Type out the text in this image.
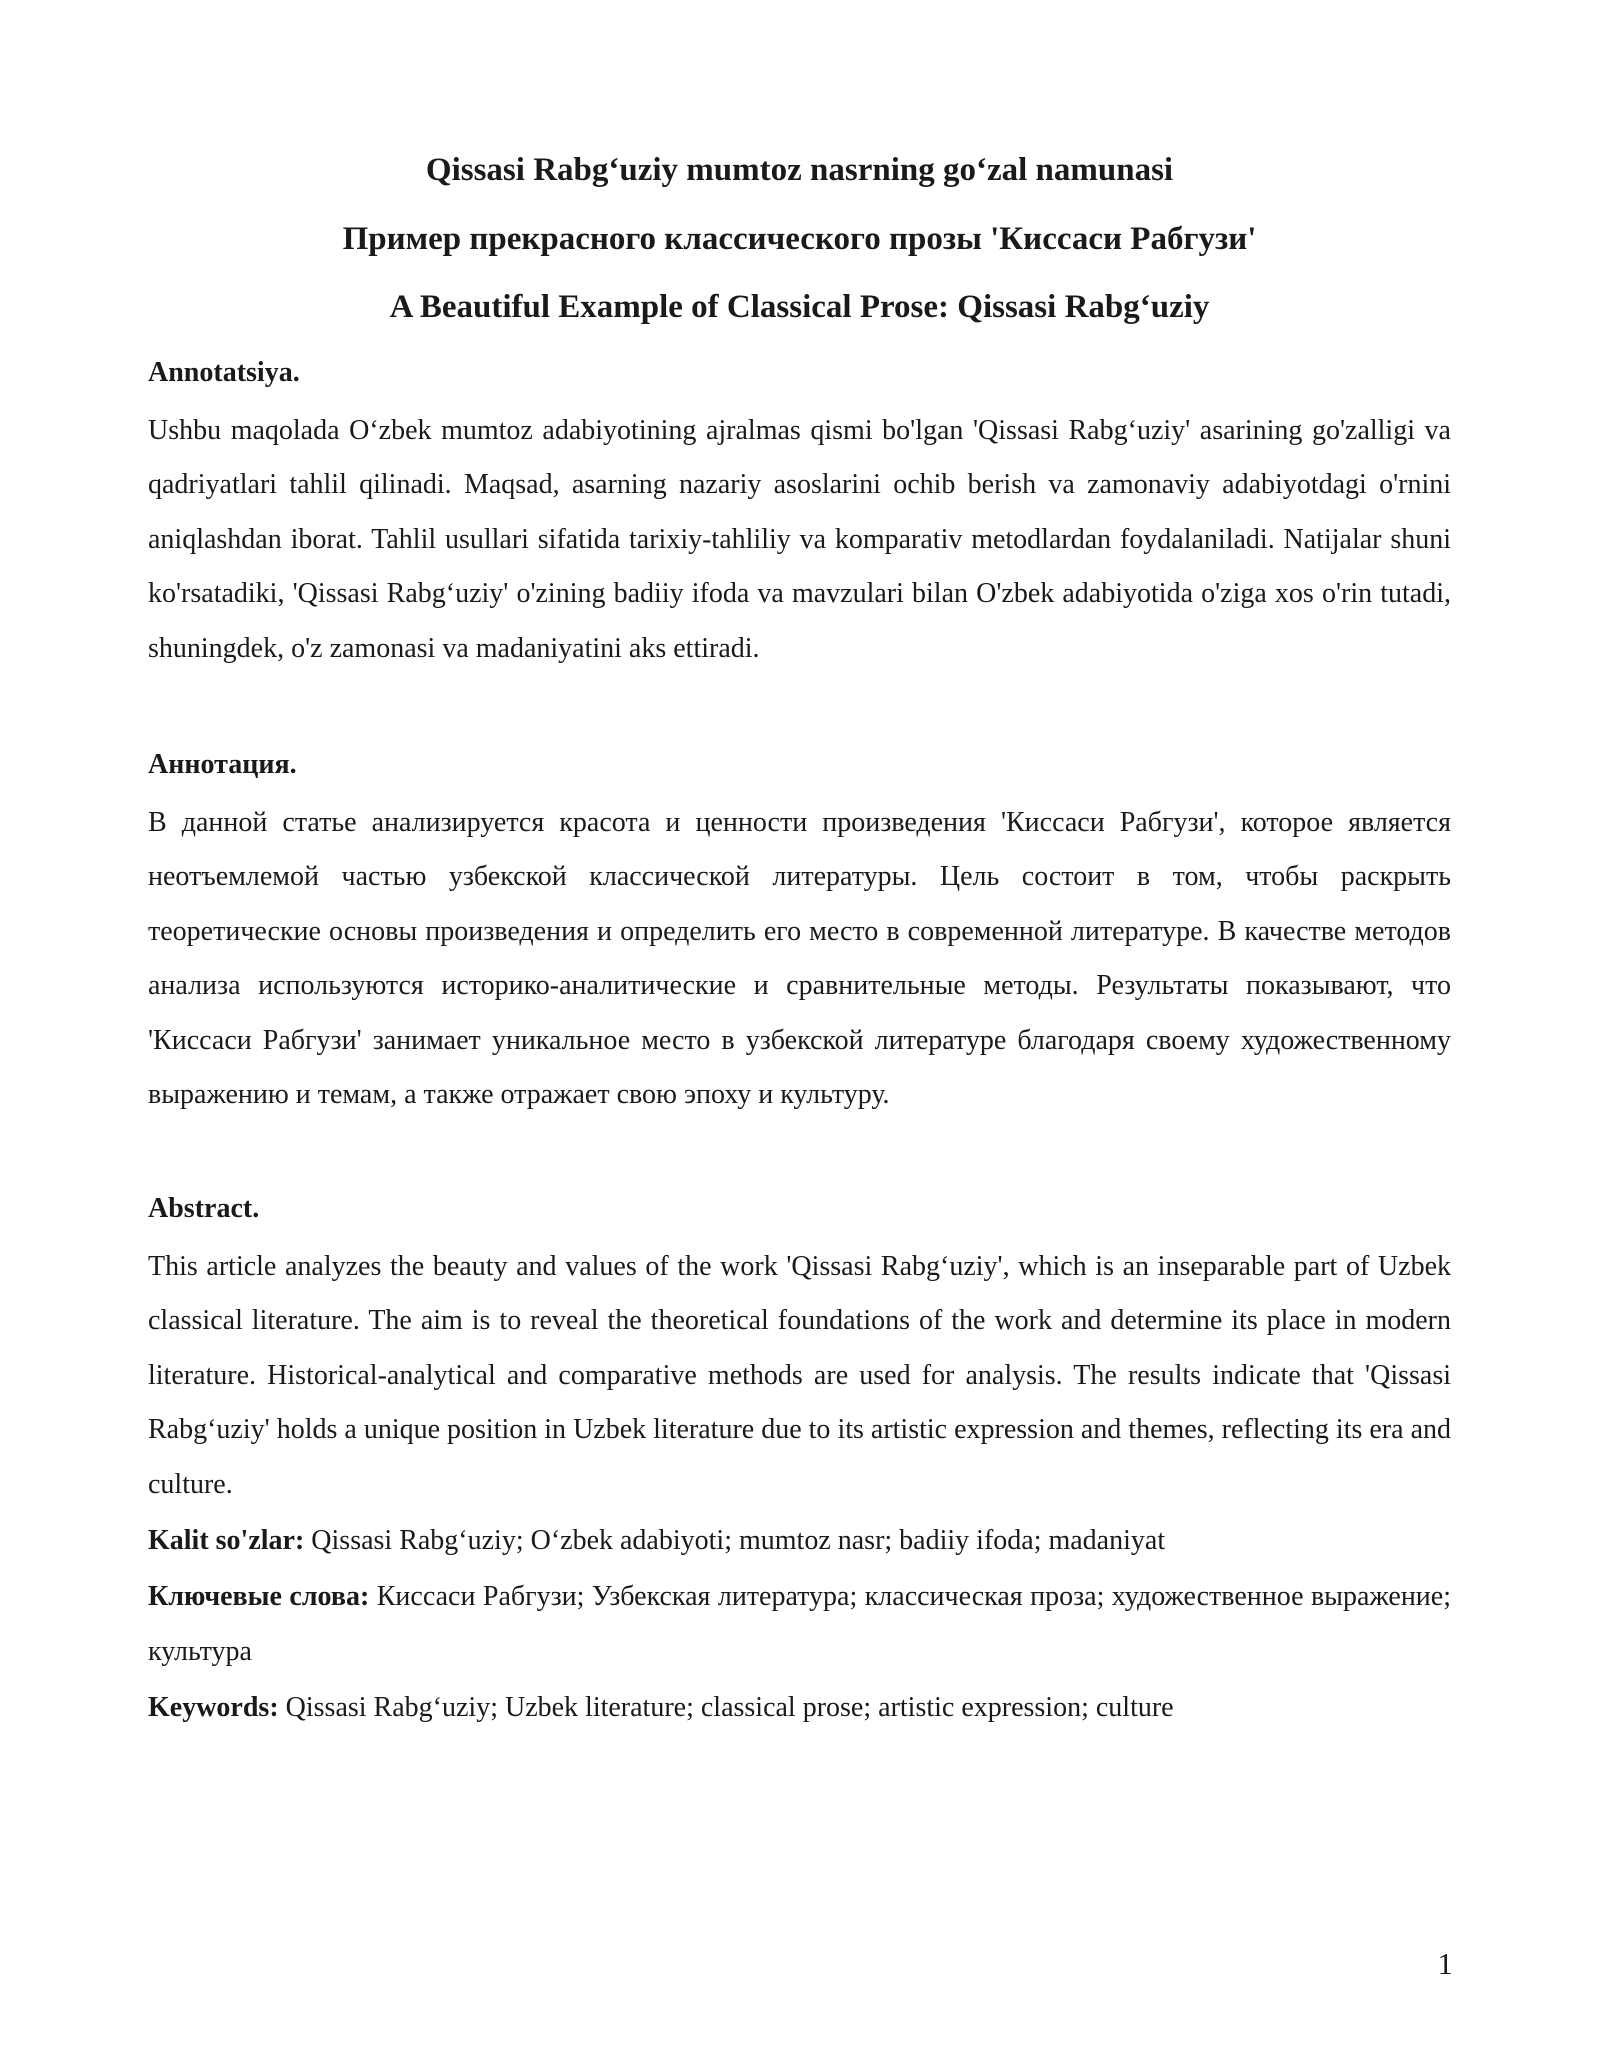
Qissasi Rabg‘uziy mumtoz nasrning go‘zal namunasi
Пример прекрасного классического прозы 'Киссаси Рабгузи'
A Beautiful Example of Classical Prose: Qissasi Rabg‘uziy

Annotatsiya.

Ushbu maqolada O‘zbek mumtoz adabiyotining ajralmas qismi bo'lgan 'Qissasi Rabg‘uziy' asarining go'zalligi va qadriyatlari tahlil qilinadi. Maqsad, asarning nazariy asoslarini ochib berish va zamonaviy adabiyotdagi o'rnini aniqlashdan iborat. Tahlil usullari sifatida tarixiy-tahliliy va komparativ metodlardan foydalaniladi. Natijalar shuni ko'rsatadiki, 'Qissasi Rabg‘uziy' o'zining badiiy ifoda va mavzulari bilan O'zbek adabiyotida o'ziga xos o'rin tutadi, shuningdek, o'z zamonasi va madaniyatini aks ettiradi.

Аннотация.

В данной статье анализируется красота и ценности произведения 'Киссаси Рабгузи', которое является неотъемлемой частью узбекской классической литературы. Цель состоит в том, чтобы раскрыть теоретические основы произведения и определить его место в современной литературе. В качестве методов анализа используются историко-аналитические и сравнительные методы. Результаты показывают, что 'Киссаси Рабгузи' занимает уникальное место в узбекской литературе благодаря своему художественному выражению и темам, а также отражает свою эпоху и культуру.

Abstract.

This article analyzes the beauty and values of the work 'Qissasi Rabg‘uziy', which is an inseparable part of Uzbek classical literature. The aim is to reveal the theoretical foundations of the work and determine its place in modern literature. Historical-analytical and comparative methods are used for analysis. The results indicate that 'Qissasi Rabg‘uziy' holds a unique position in Uzbek literature due to its artistic expression and themes, reflecting its era and culture.

Kalit so'zlar: Qissasi Rabg‘uziy; O‘zbek adabiyoti; mumtoz nasr; badiiy ifoda; madaniyat

Ключевые слова: Киссаси Рабгузи; Узбекская литература; классическая проза; художественное выражение; культура

Keywords: Qissasi Rabg‘uziy; Uzbek literature; classical prose; artistic expression; culture

1
